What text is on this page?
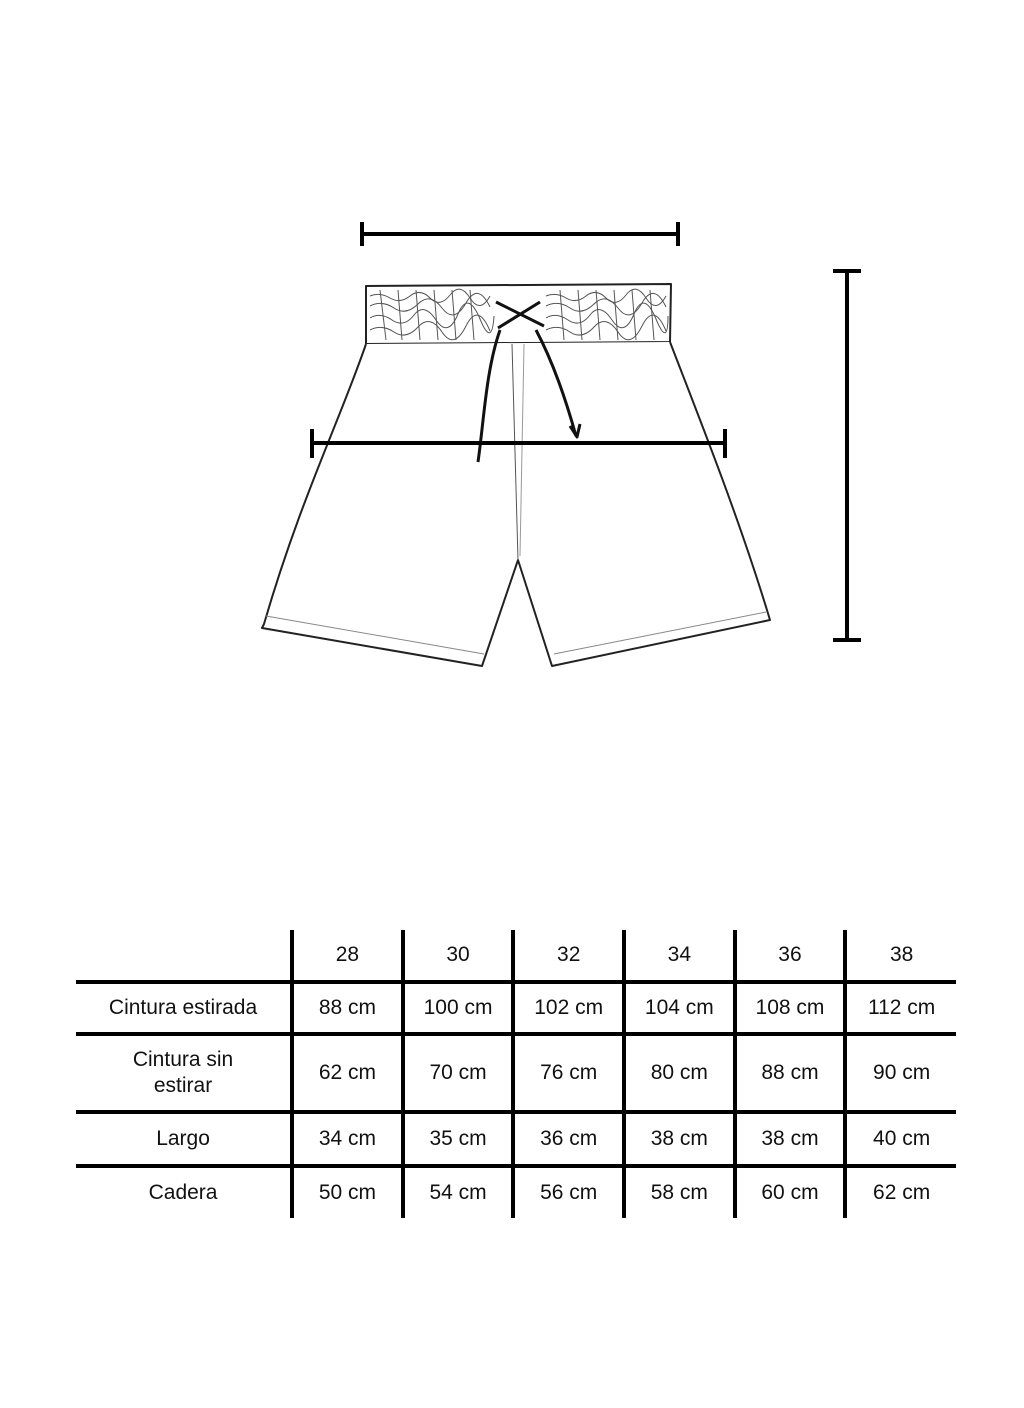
	28	30	32	34	36	38
Cintura estirada	88 cm	100 cm	102 cm	104 cm	108 cm	112 cm
Cintura sin estirar	62 cm	70 cm	76 cm	80 cm	88 cm	90 cm
Largo	34 cm	35 cm	36 cm	38 cm	38 cm	40 cm
Cadera	50 cm	54 cm	56 cm	58 cm	60 cm	62 cm
